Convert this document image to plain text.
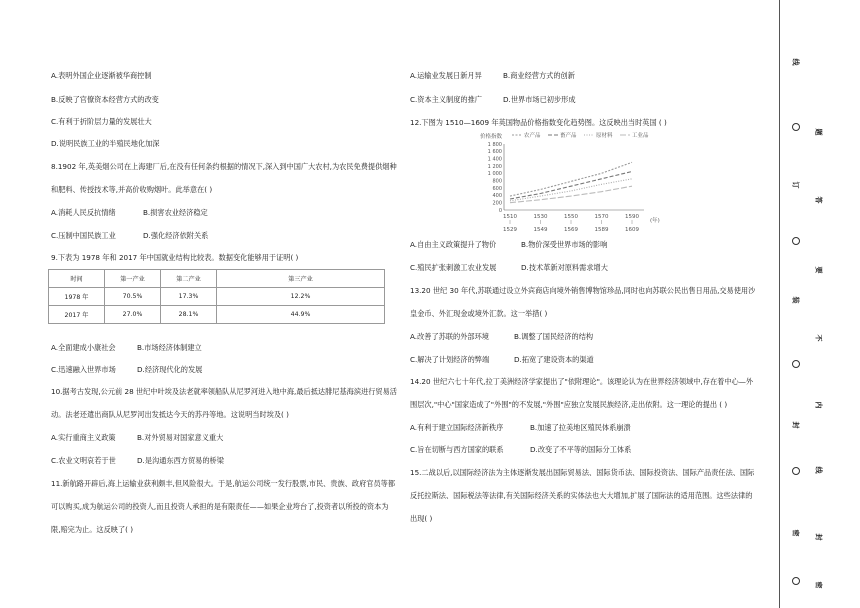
A.表明外国企业逐渐被华商控制
B.反映了官僚资本经营方式的改变
C.有利于折阶层力量的发展壮大
D.说明民族工业的半殖民地化加深
8.1902 年,英美烟公司在上海建厂后,在没有任何条约根据的情况下,深入到中国广大农村,为农民免费提供烟种
和肥料、传授技术等,并高价收购烟叶。此举意在( )
A.消耗人民反抗情绪	B.损害农业经济稳定
C.压制中国民族工业	D.强化经济依附关系
9.下表为 1978 年和 2017 年中国就业结构比较表。数据变化能够用于证明( )
时间	第一产业	第二产业	第三产业
1978 年	70.5%	17.3%	12.2%
2017 年	27.0%	28.1%	44.9%
A.全面建成小康社会	B.市场经济体制建立
C.迅速融入世界市场	D.经济现代化的发展
10.据考古发现,公元前 28 世纪中叶埃及法老就率领船队从尼罗河进入地中海,最后抵达腓尼基海滨进行贸易活
动。法老还遣出商队从尼罗河出发抵达今天的苏丹等地。这说明当时埃及( )
A.实行重商主义政策	B.对外贸易对国家意义重大
C.农业文明哀若于世	D.是沟通东西方贸易的桥梁
11.新航路开辟后,海上运输业获利颇丰,但风险很大。于是,航运公司统一发行股票,市民、贵族、政府官员等都
可以购买,成为航运公司的投资人,而且投资人承担的是有限责任——如果企业垮台了,投资者以所投的资本为
限,赔完为止。这反映了( )
A.运输业发展日新月异	B.商业经营方式的创新
C.资本主义制度的推广	D.世界市场已初步形成
12.下图为 1510—1609 年英国物品价格指数变化趋势图。这反映出当时英国 ( )
价格指数	农产品	畜产品	原材料	工业品
1 800
1 600
1 400
1 200
1 000
800
600
400
200
0
1510	1530	1550	1570	1590
1529	1549	1569	1589	1609
(年)
A.自由主义政策提升了物价	B.物价深受世界市场的影响
C.殖民扩张刺激工农业发展	D.技术革新对原料需求增大
13.20 世纪 30 年代,苏联通过设立外宾商店向境外销售博物馆珍品,同时也向苏联公民出售日用品,交易使用沙
皇金币、外汇现金或境外汇款。这一举措( )
A.改善了苏联的外部环境	B.调整了国民经济的结构
C.解决了计划经济的弊端	D.拓宽了建设资本的渠道
14.20 世纪六七十年代,拉丁美洲经济学家提出了"依附理论"。该理论认为在世界经济领域中,存在着中心—外
围层次,"中心"国家造成了"外围"的不发展,"外围"应独立发展民族经济,走出依附。这一理论的提出 ( )
A.有利于建立国际经济新秩序	B.加速了拉美地区殖民体系崩溃
C.旨在切断与西方国家的联系	D.改变了不平等的国际分工体系
15.二战以后,以国际经济法为主体逐渐发展出国际贸易法、国际货币法、国际投资法、国际产品责任法、国际
反托拉斯法、国际税法等法律,有关国际经济关系的实体法也大大增加,扩展了国际法的适用范围。这些法律的
出现( )
线
订
装
封
密
题
答
要
不
内
线
封
密
